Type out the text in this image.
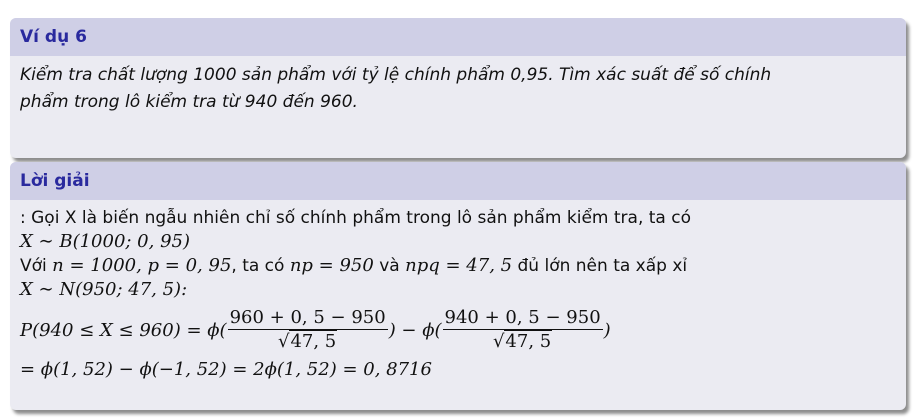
Ví dụ 6
Kiểm tra chất lượng 1000 sản phẩm với tỷ lệ chính phẩm 0,95. Tìm xác suất để số chính
phẩm trong lô kiểm tra từ 940 đến 960.
Lời giải
: Gọi X là biến ngẫu nhiên chỉ số chính phẩm trong lô sản phẩm kiểm tra, ta có
X ∼ B(1000; 0, 95)
Với n = 1000, p = 0, 95, ta có np = 950 và npq = 47, 5 đủ lớn nên ta xấp xỉ
X ∼ N(950; 47, 5):
$P(940 \le X \le 960) = \phi( \frac{960 + 0, 5 - 950}{√47, 5}$ ) − $\phi( \frac{940 + 0, 5 - 950}{√47, 5}$ )
= ϕ(1, 52) − ϕ(−1, 52) = 2ϕ(1, 52) = 0, 8716
